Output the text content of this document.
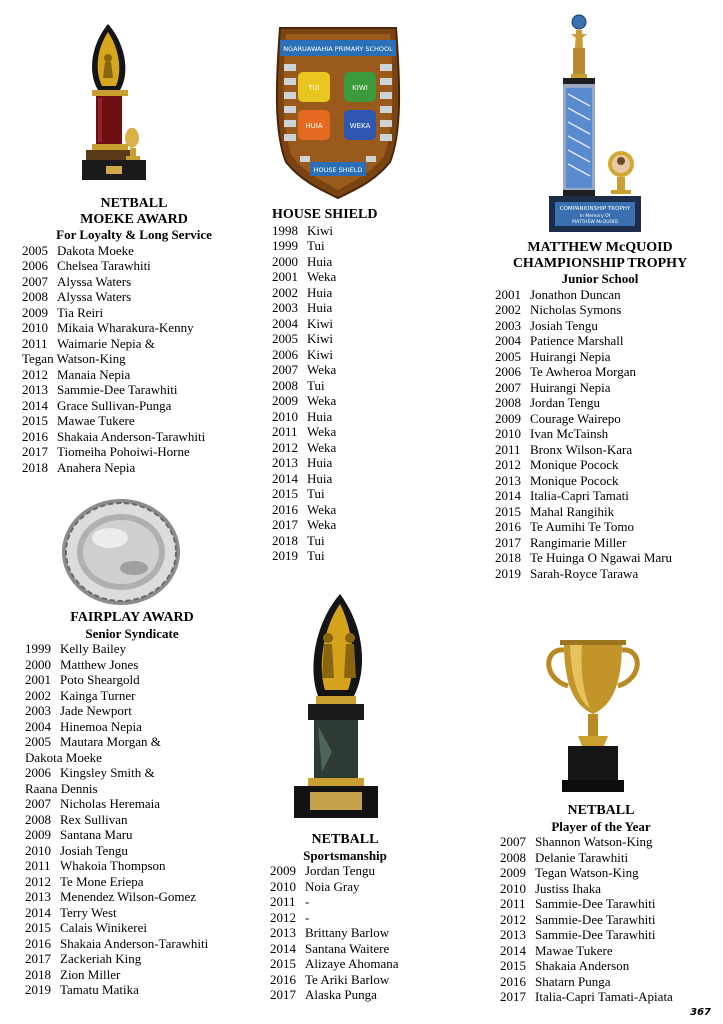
NGARUAWAHIA PRIMARY SCHOOL
TUI	KIWI
HUIA	WEKA
HOUSE SHIELD
COMPANIONSHIP TROPHY
In Memory Of
MATTHEW McQUOID
NETBALL
MOEKE AWARD
For Loyalty & Long Service
2005 Dakota Moeke
2006 Chelsea Tarawhiti
2007 Alyssa Waters
2008 Alyssa Waters
2009 Tia Reiri
2010 Mikaia Wharakura-Kenny
2011 Waimarie Nepia &
Tegan Watson-King
2012 Manaia Nepia
2013 Sammie-Dee Tarawhiti
2014 Grace Sullivan-Punga
2015 Mawae Tukere
2016 Shakaia Anderson-Tarawhiti
2017 Tiomeiha Pohoiwi-Horne
2018 Anahera Nepia
HOUSE SHIELD
1998 Kiwi
1999 Tui
2000 Huia
2001 Weka
2002 Huia
2003 Huia
2004 Kiwi
2005 Kiwi
2006 Kiwi
2007 Weka
2008 Tui
2009 Weka
2010 Huia
2011 Weka
2012 Weka
2013 Huia
2014 Huia
2015 Tui
2016 Weka
2017 Weka
2018 Tui
2019 Tui
MATTHEW McQUOID
CHAMPIONSHIP TROPHY
Junior School
2001 Jonathon Duncan
2002 Nicholas Symons
2003 Josiah Tengu
2004 Patience Marshall
2005 Huirangi Nepia
2006 Te Awheroa Morgan
2007 Huirangi Nepia
2008 Jordan Tengu
2009 Courage Wairepo
2010 Ivan McTainsh
2011 Bronx Wilson-Kara
2012 Monique Pocock
2013 Monique Pocock
2014 Italia-Capri Tamati
2015 Mahal Rangihik
2016 Te Aumihi Te Tomo
2017 Rangimarie Miller
2018 Te Huinga O Ngawai Maru
2019 Sarah-Royce Tarawa
FAIRPLAY AWARD
Senior Syndicate
1999 Kelly Bailey
2000 Matthew Jones
2001 Poto Sheargold
2002 Kainga Turner
2003 Jade Newport
2004 Hinemoa Nepia
2005 Mautara Morgan &
Dakota Moeke
2006 Kingsley Smith &
Raana Dennis
2007 Nicholas Heremaia
2008 Rex Sullivan
2009 Santana Maru
2010 Josiah Tengu
2011 Whakoia Thompson
2012 Te Mone Eriepa
2013 Menendez Wilson-Gomez
2014 Terry West
2015 Calais Winikerei
2016 Shakaia Anderson-Tarawhiti
2017 Zackeriah King
2018 Zion Miller
2019 Tamatu Matika
NETBALL
Sportsmanship
2009 Jordan Tengu
2010 Noia Gray
2011 -
2012 -
2013 Brittany Barlow
2014 Santana Waitere
2015 Alizaye Ahomana
2016 Te Ariki Barlow
2017 Alaska Punga
NETBALL
Player of the Year
2007 Shannon Watson-King
2008 Delanie Tarawhiti
2009 Tegan Watson-King
2010 Justiss Ihaka
2011 Sammie-Dee Tarawhiti
2012 Sammie-Dee Tarawhiti
2013 Sammie-Dee Tarawhiti
2014 Mawae Tukere
2015 Shakaia Anderson
2016 Shatarn Punga
2017 Italia-Capri Tamati-Apiata
367
